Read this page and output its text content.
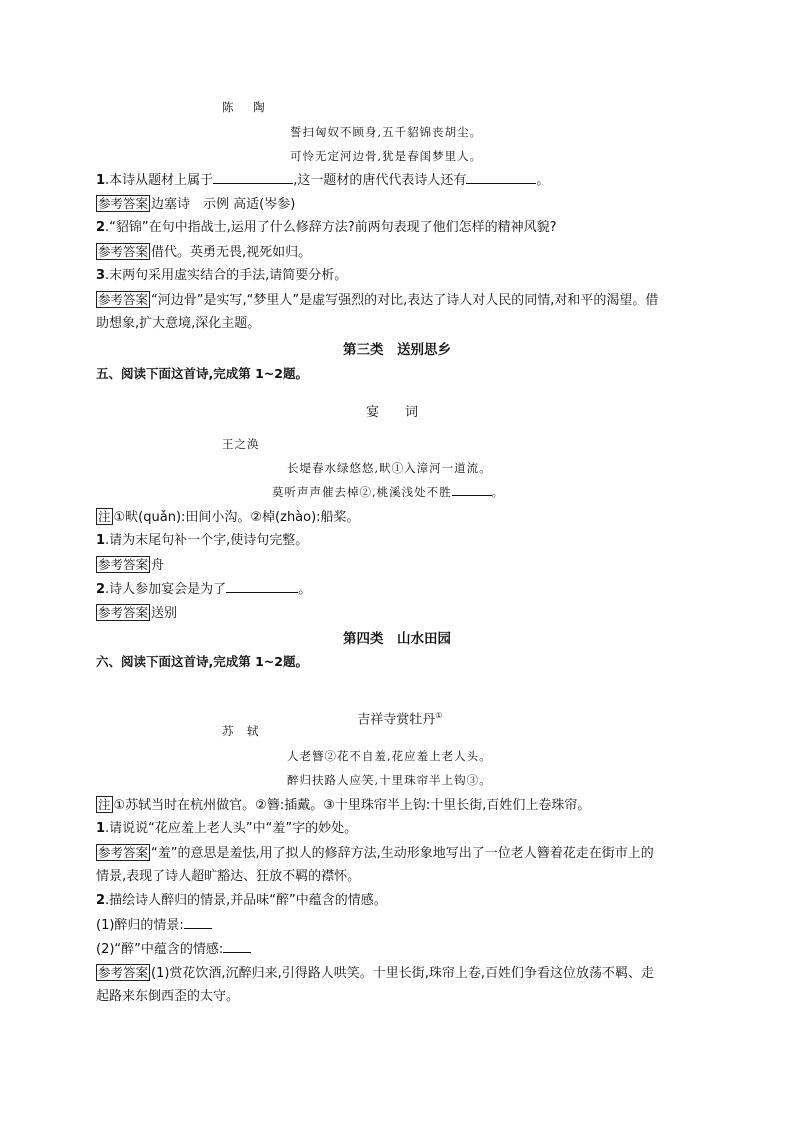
陈 陶
誓扫匈奴不顾身,五千貂锦丧胡尘。
可怜无定河边骨,犹是春闺梦里人。
1.本诗从题材上属于	,这一题材的唐代代表诗人还有	。
参考答案 边塞诗　示例 高适(岑参)
2.“貂锦”在句中指战士,运用了什么修辞方法?前两句表现了他们怎样的精神风貌?
参考答案 借代。英勇无畏,视死如归。
3.末两句采用虚实结合的手法,请简要分析。
参考答案 “河边骨”是实写,“梦里人”是虚写强烈的对比,表达了诗人对人民的同情,对和平的渴望。借
助想象,扩大意境,深化主题。
第三类　送别思乡
五、阅读下面这首诗,完成第 1~2题。
宴　　词
王之涣
长堤春水绿悠悠,畎①入漳河一道流。
莫听声声催去棹②,桃溪浅处不胜	。
注 ①畎(quǎn):田间小沟。②棹(zhào):船桨。
1.请为末尾句补一个字,使诗句完整。
参考答案 舟
2.诗人参加宴会是为了	。
参考答案 送别
第四类　山水田园
六、阅读下面这首诗,完成第 1~2题。

吉祥寺赏牡丹①

苏　轼
人老簪②花不自羞,花应羞上老人头。
醉归扶路人应笑,十里珠帘半上钩③。
注 ①苏轼当时在杭州做官。②簪:插戴。③十里珠帘半上钩:十里长街,百姓们上卷珠帘。
1.请说说“花应羞上老人头”中“羞”字的妙处。
参考答案 “羞”的意思是羞怯,用了拟人的修辞方法,生动形象地写出了一位老人簪着花走在街市上的
情景,表现了诗人超旷豁达、狂放不羁的襟怀。
2.描绘诗人醉归的情景,并品味“醉”中蕴含的情感。
(1)醉归的情景:
(2)“醉”中蕴含的情感:
参考答案 (1)赏花饮酒,沉醉归来,引得路人哄笑。十里长街,珠帘上卷,百姓们争看这位放荡不羁、走
起路来东倒西歪的太守。
